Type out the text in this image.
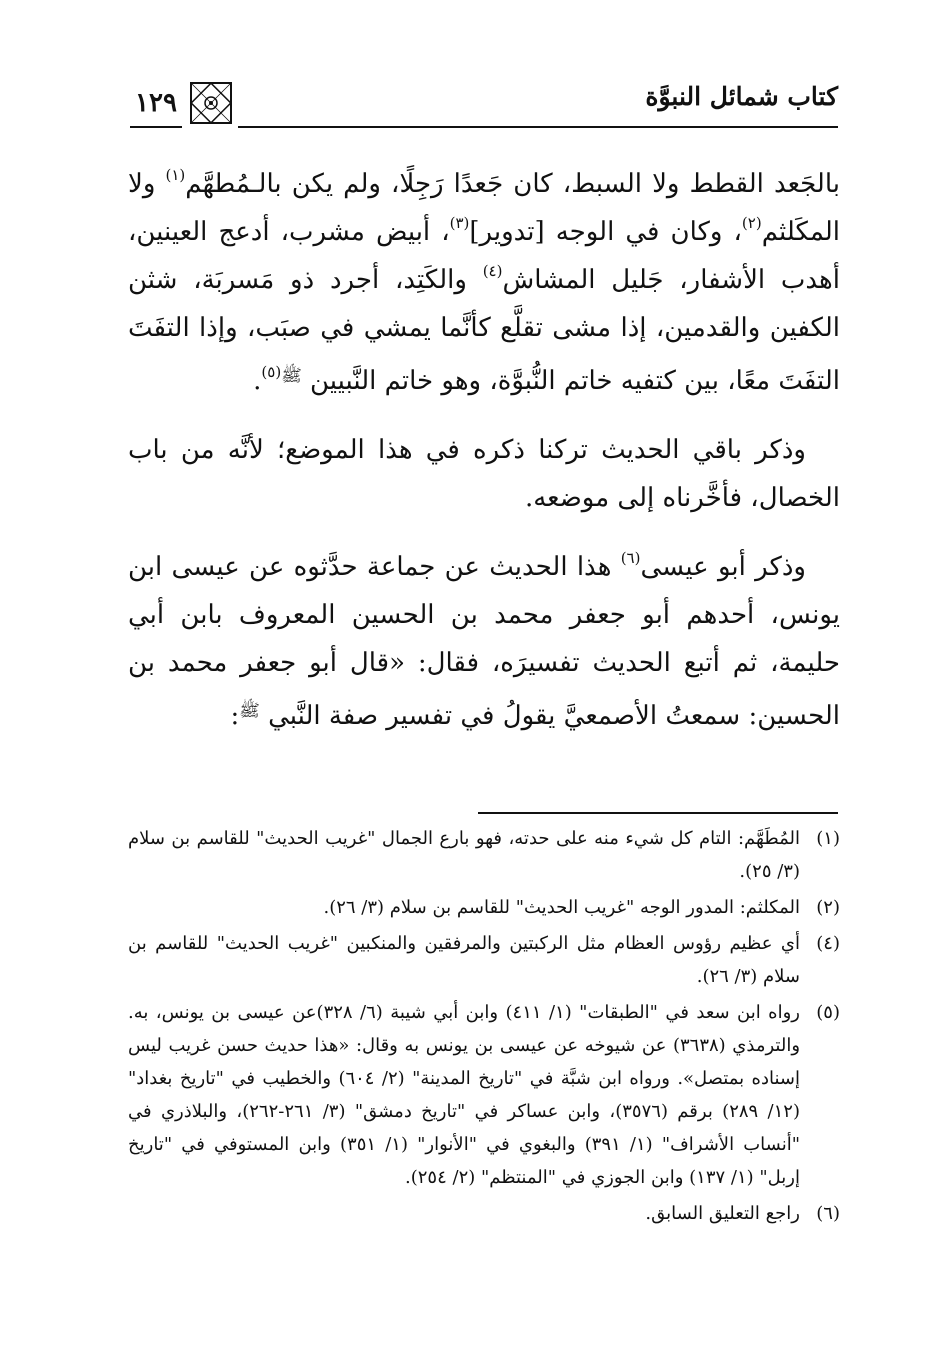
كتاب شمائل النبوَّة
١٢٩

بالجَعد القطط ولا السبط، كان جَعدًا رَجِلًا، ولم يكن بالـمُطهَّم$^{(١)}$ ولا المكَلثم$^{(٢)}$، وكان في الوجه [تدوير]$^{(٣)}$، أبيض مشرب، أدعج العينين، أهدب الأشفار، جَليل المشاش$^{(٤)}$ والكَتِد، أجرد ذو مَسربَة، شثن الكفين والقدمين، إذا مشى تقلَّع كأنَّما يمشي في صبَب، وإذا التفَتَ التفَتَ معًا، بين كتفيه خاتم النُّبوَّة، وهو خاتم النَّبيين $^{ﷺ(٥)}$.

وذكر باقي الحديث تركنا ذكره في هذا الموضع؛ لأنَّه من باب الخصال، فأخَّرناه إلى موضعه.

وذكر أبو عيسى$^{(٦)}$ هذا الحديث عن جماعة حدَّثوه عن عيسى ابن يونس، أحدهم أبو جعفر محمد بن الحسين المعروف بابن أبي حليمة، ثم أتبع الحديث تفسيرَه، فقال: «قال أبو جعفر محمد بن الحسين: سمعتُ الأصمعيَّ يقولُ في تفسير صفة النَّبي $^ﷺ$:

(١)
المُطَهَّم: التام كل شيء منه على حدته، فهو بارع الجمال "غريب الحديث" للقاسم بن سلام (٣/ ٢٥).
(٢)
المكلثم: المدور الوجه "غريب الحديث" للقاسم بن سلام (٣/ ٢٦).
(٤)
أي عظيم رؤوس العظام مثل الركبتين والمرفقين والمنكبين "غريب الحديث" للقاسم بن سلام (٣/ ٢٦).
(٥)
رواه ابن سعد في "الطبقات" (١/ ٤١١) وابن أبي شيبة (٦/ ٣٢٨)عن عيسى بن يونس، به. والترمذي (٣٦٣٨) عن شيوخه عن عيسى بن يونس به وقال: «هذا حديث حسن غريب ليس إسناده بمتصل». ورواه ابن شبَّة في "تاريخ المدينة" (٢/ ٦٠٤) والخطيب في "تاريخ بغداد" (١٢/ ٢٨٩) برقم (٣٥٧٦)، وابن عساكر في "تاريخ دمشق" (٣/ ٢٦١-٢٦٢)، والبلاذري في "أنساب الأشراف" (١/ ٣٩١) والبغوي في "الأنوار" (١/ ٣٥١) وابن المستوفي في "تاريخ إربل" (١/ ١٣٧) وابن الجوزي في "المنتظم" (٢/ ٢٥٤).
(٦)
راجع التعليق السابق.
